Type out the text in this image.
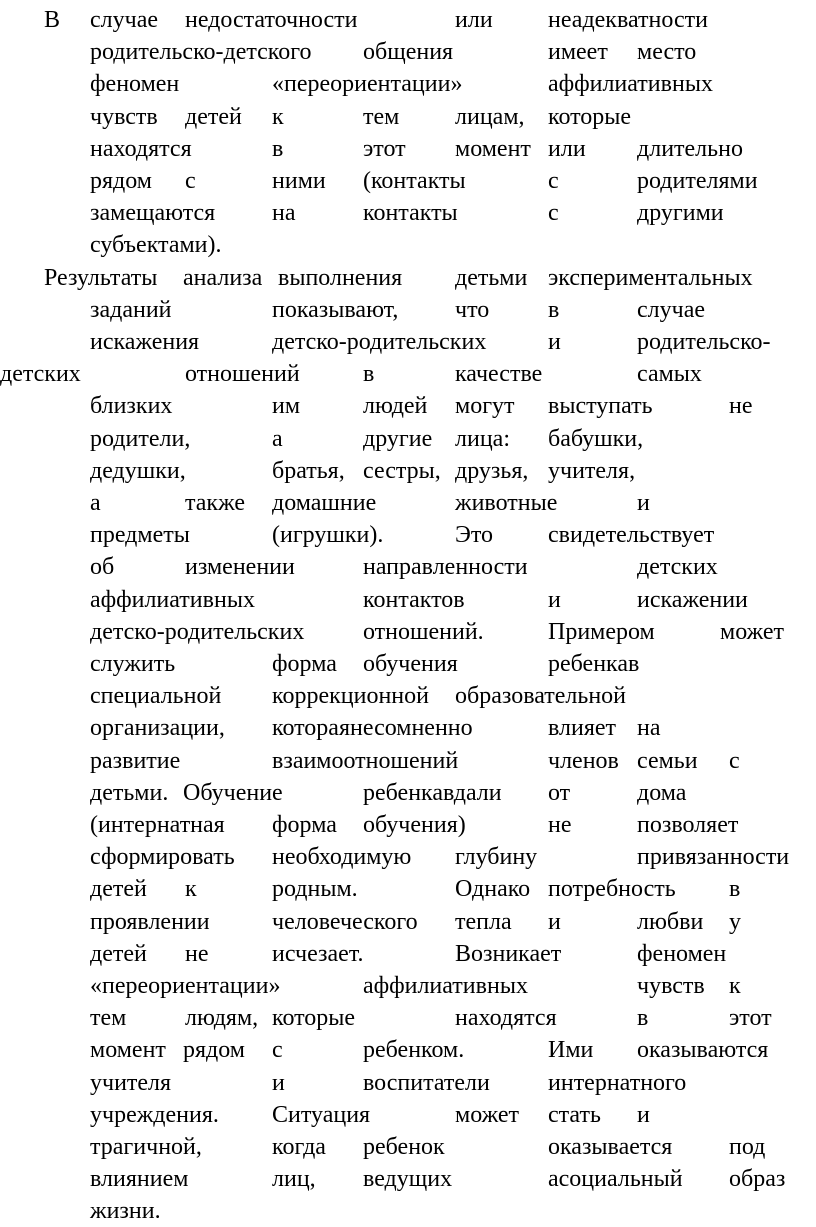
В случае недостаточности	или неадекватности
родительско-детского общения	имеет место
феномен	«переориентации»	аффилиативных
чувств детей к	тем лицам, которые
находятся	в	этот момент или длительно
рядом с	ними (контакты	с	родителями
замещаются на	контакты	с	другими
субъектами).
Результаты анализа выполнения детьми экспериментальных
заданий	показывают, что в	случае
искажения	детско-родительских	и	родительско-
детских	отношений	в	качестве	самых
близких	им	людей могут выступать	не
родители,	а	другие лица: бабушки,
дедушки,	братья, сестры, друзья, учителя,
а	также домашние	животные	и
предметы	(игрушки).	Это свидетельствует
об	изменении	направленности	детских
аффилиативных	контактов	и	искажении
детско-родительских отношений.	Примером	может
служить	форма обучения	ребенкав
специальной коррекционной образовательной
организации, котораянесомненно	влияет на
развитие	взаимоотношений	членов семьи с
детьми. Обучение	ребенкавдали от	дома
(интернатная форма обучения)	не	позволяет
сформировать необходимую глубину	привязанности
детей к	родным.	Однако потребность в
проявлении	человеческого тепла и	любви у
детей не	исчезает.	Возникает	феномен
«переориентации»	аффилиативных	чувств к
тем людям, которые	находятся	в	этот
момент рядом с	ребенком.	Ими оказываются
учителя	и	воспитатели интернатного
учреждения. Ситуация	может стать и
трагичной,	когда ребенок	оказывается под
влиянием	лиц, ведущих	асоциальный образ
жизни.
